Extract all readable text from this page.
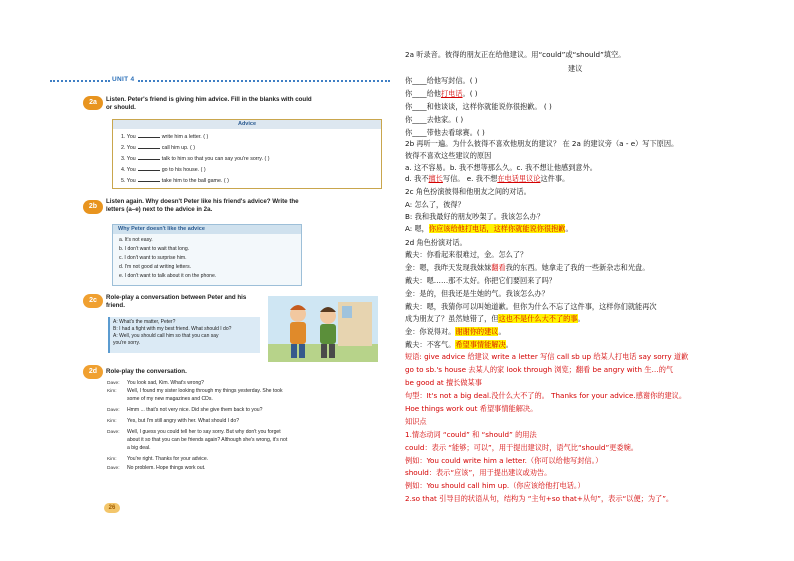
UNIT 4
2a	Listen. Peter's friend is giving him advice. Fill in the blanks with could
or should.
Advice
1. You	write him a letter. ( )
2. You	call him up. ( )
3. You	talk to him so that you can say you're sorry. ( )
4. You	go to his house. ( )
5. You	take him to the ball game. ( )
2b
Listen again. Why doesn't Peter like his friend's advice? Write the
letters (a–e) next to the advice in 2a.
Why Peter doesn't like the advice
a. It's not easy.
b. I don't want to wait that long.
c. I don't want to surprise him.
d. I'm not good at writing letters.
e. I don't want to talk about it on the phone.
2c	Role-play a conversation between Peter and his
friend.
A: What's the matter, Peter?
B: I had a fight with my best friend. What should I do?
A: Well, you should call him so that you can say
you're sorry.
2d	Role-play the conversation.
Dave: You look sad, Kim. What's wrong?
Kim: Well, I found my sister looking through my things yesterday. She took
some of my new magazines and CDs.
Dave: Hmm ... that's not very nice. Did she give them back to you?
Kim: Yes, but I'm still angry with her. What should I do?
Dave: Well, I guess you could tell her to say sorry. But why don't you forget
about it so that you can be friends again? Although she's wrong, it's not
a big deal.
Kim: You're right. Thanks for your advice.
Dave: No problem. Hope things work out.
26
2a 听录音。彼得的朋友正在给他建议。用“could”或“should”填空。
建议
你____给他写封信。( )
你____给他打电话。( )
你____和他谈谈，这样你就能说你很抱歉。 ( )
你____去他家。( )
你____带他去看球赛。( )
2b 再听一遍。为什么彼得不喜欢他朋友的建议？ 在 2a 的建议旁（a - e）写下原因。
彼得不喜欢这些建议的原因
a. 这不容易。b. 我不想等那么久。c. 我不想让他感到意外。
d. 我不擅长写信。 e. 我不想在电话里议论这件事。
2c 角色扮演彼得和他朋友之间的对话。
A: 怎么了，彼得？
B: 我和我最好的朋友吵架了。我该怎么办？
A: 嗯，你应该给他打电话，这样你就能说你很抱歉。
2d 角色扮演对话。
戴夫：你看起来很难过，金。怎么了？
金：嗯，我昨天发现我妹妹翻看我的东西。她拿走了我的一些新杂志和光盘。
戴夫：嗯……那不太好。你把它们要回来了吗？
金：是的，但我还是生她的气。我该怎么办？
戴夫：嗯，我猜你可以叫她道歉。但你为什么不忘了这件事，这样你们就能再次
成为朋友了？虽然她错了，但这也不是什么大不了的事。
金：你说得对。谢谢你的建议。
戴夫：不客气。希望事情能解决。
短语: give advice 给建议 write a letter 写信 call sb up 给某人打电话 say sorry 道歉
go to sb.'s house 去某人的家 look through 浏览；翻看 be angry with 生…的气
be good at 擅长做某事
句型：It's not a big deal.没什么大不了的。 Thanks for your advice.感谢你的建议。
Hoe things work out 希望事情能解决。
知识点
1.情态动词 “could” 和 “should” 的用法
could：表示 “能够；可以”，用于提出建议时，语气比“should”更委婉。
例如：You could write him a letter.（你可以给他写封信。）
should：表示“应该”，用于提出建议或劝告。
例如：You should call him up.（你应该给他打电话。）
2.so that 引导目的状语从句，结构为 “主句+so that+从句”，表示“以便；为了”。
